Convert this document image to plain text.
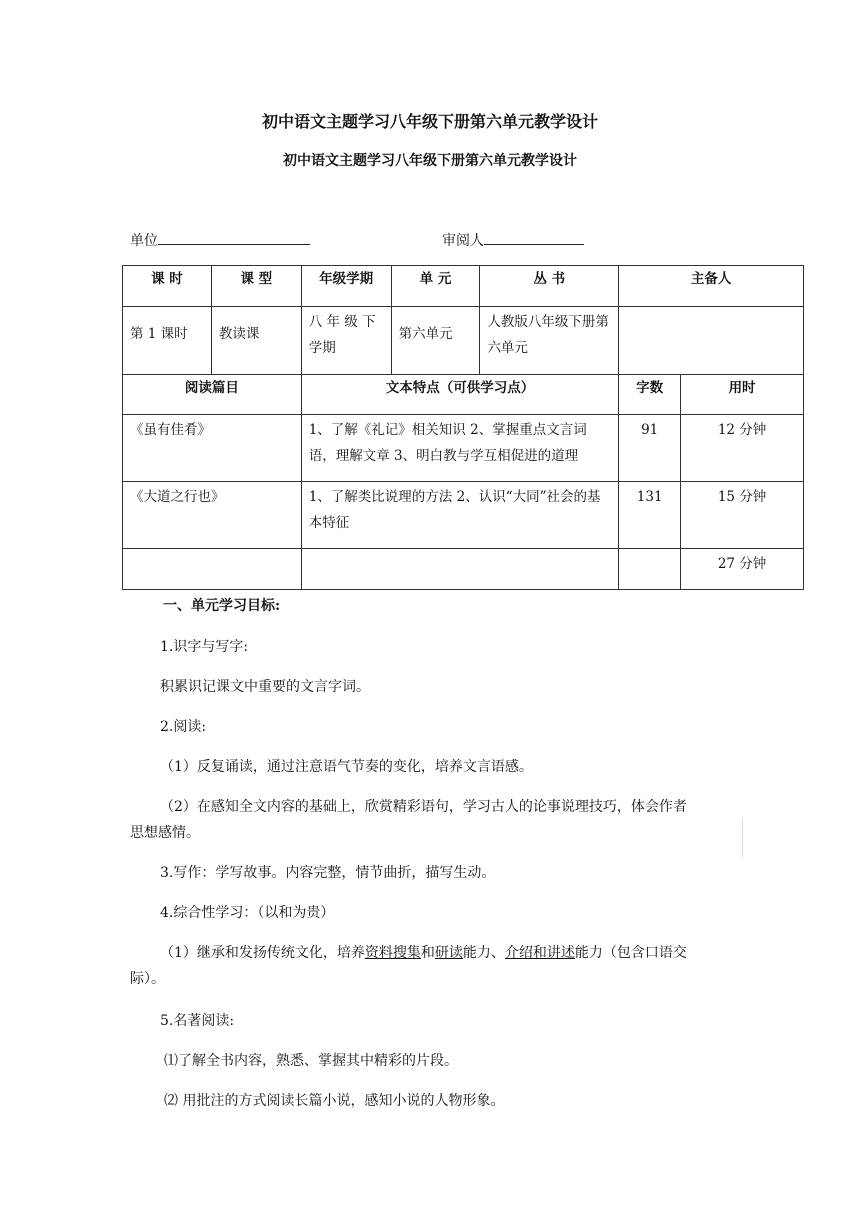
初中语文主题学习八年级下册第六单元教学设计
初中语文主题学习八年级下册第六单元教学设计
单位	审阅人
课 时	课 型	年级学期	单 元	丛 书	主备人	
第 1 课时	教读课	八 年 级 下学期	第六单元	人教版八年级下册第六单元		
阅读篇目		文本特点（可供学习点）			字数	用时
《虽有佳肴》		1、了解《礼记》相关知识 2、掌握重点文言词语，理解文章 3、明白教与学互相促进的道理			91	12 分钟
《大道之行也》		1、了解类比说理的方法 2、认识“大同”社会的基本特征			131	15 分钟
						27 分钟
一、单元学习目标:
1.识字与写字:
积累识记课文中重要的文言字词。
2.阅读:
（1）反复诵读，通过注意语气节奏的变化，培养文言语感。
（2）在感知全文内容的基础上，欣赏精彩语句，学习古人的论事说理技巧，体会作者
思想感情。
3.写作：学写故事。内容完整，情节曲折，描写生动。
4.综合性学习：（以和为贵）
（1）继承和发扬传统文化，培养资料搜集和研读能力、介绍和讲述能力（包含口语交
际）。
5.名著阅读:
⑴了解全书内容，熟悉、掌握其中精彩的片段。
⑵ 用批注的方式阅读长篇小说，感知小说的人物形象。
